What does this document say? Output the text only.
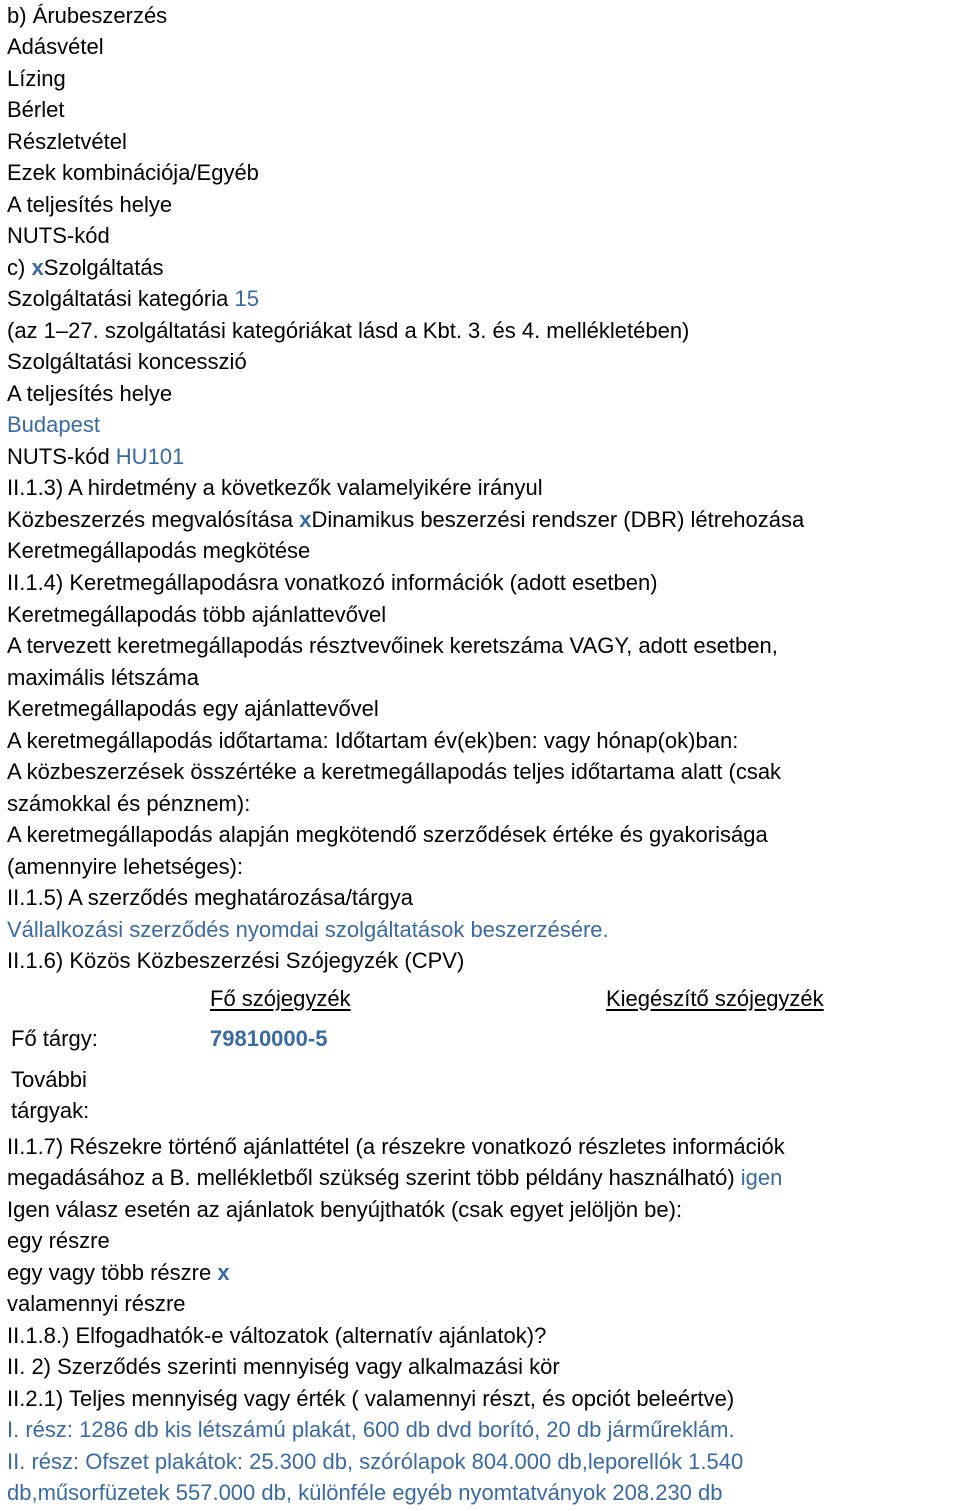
b) Árubeszerzés
Adásvétel
Lízing
Bérlet
Részletvétel
Ezek kombinációja/Egyéb
A teljesítés helye
NUTS-kód
c) xSzolgáltatás
Szolgáltatási kategória 15
(az 1–27. szolgáltatási kategóriákat lásd a Kbt. 3. és 4. mellékletében)
Szolgáltatási koncesszió
A teljesítés helye
Budapest
NUTS-kód HU101
II.1.3) A hirdetmény a következők valamelyikére irányul
Közbeszerzés megvalósítása xDinamikus beszerzési rendszer (DBR) létrehozása
Keretmegállapodás megkötése
II.1.4) Keretmegállapodásra vonatkozó információk (adott esetben)
Keretmegállapodás több ajánlattevővel
A tervezett keretmegállapodás résztvevőinek keretszáma VAGY, adott esetben,
maximális létszáma
Keretmegállapodás egy ajánlattevővel
A keretmegállapodás időtartama: Időtartam év(ek)ben: vagy hónap(ok)ban:
A közbeszerzések összértéke a keretmegállapodás teljes időtartama alatt (csak
számokkal és pénznem):
A keretmegállapodás alapján megkötendő szerződések értéke és gyakorisága
(amennyire lehetséges):
II.1.5) A szerződés meghatározása/tárgya
Vállalkozási szerződés nyomdai szolgáltatások beszerzésére.
II.1.6) Közös Közbeszerzési Szójegyzék (CPV)
II.1.7) Részekre történő ajánlattétel (a részekre vonatkozó részletes információk
megadásához a B. mellékletből szükség szerint több példány használható) igen
Igen válasz esetén az ajánlatok benyújthatók (csak egyet jelöljön be):
egy részre
egy vagy több részre x
valamennyi részre
II.1.8.) Elfogadhatók-e változatok (alternatív ajánlatok)?
II. 2) Szerződés szerinti mennyiség vagy alkalmazási kör
II.2.1) Teljes mennyiség vagy érték ( valamennyi részt, és opciót beleértve)
I. rész: 1286 db kis létszámú plakát, 600 db dvd borító, 20 db járműreklám.
II. rész: Ofszet plakátok: 25.300 db, szórólapok 804.000 db,leporellók 1.540
db,műsorfüzetek 557.000 db, különféle egyéb nyomtatványok 208.230 db
Fő szójegyzék	Kiegészítő szójegyzék
Fő tárgy:	79810000-5
További
tárgyak:
